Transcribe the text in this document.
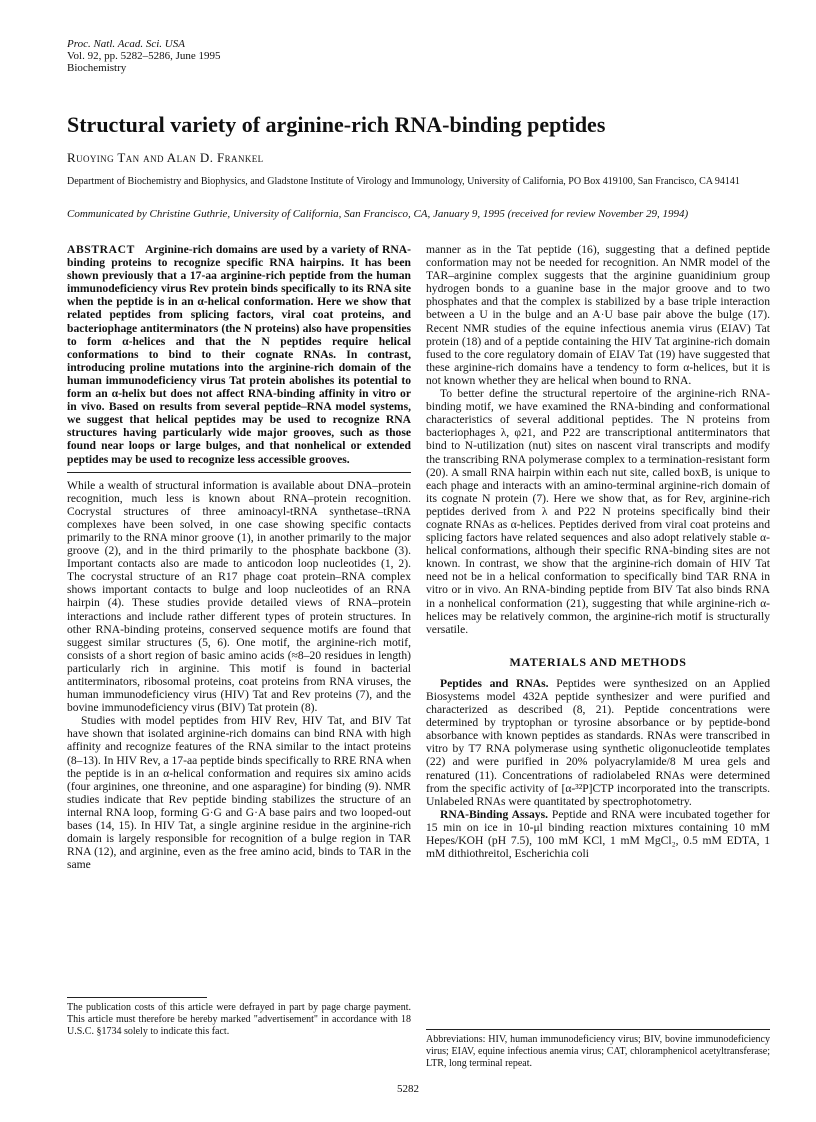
Proc. Natl. Acad. Sci. USA
Vol. 92, pp. 5282–5286, June 1995
Biochemistry
Structural variety of arginine-rich RNA-binding peptides
Ruoying Tan and Alan D. Frankel
Department of Biochemistry and Biophysics, and Gladstone Institute of Virology and Immunology, University of California, PO Box 419100, San Francisco, CA 94141
Communicated by Christine Guthrie, University of California, San Francisco, CA, January 9, 1995 (received for review November 29, 1994)

ABSTRACT Arginine-rich domains are used by a variety of RNA-binding proteins to recognize specific RNA hairpins. It has been shown previously that a 17-aa arginine-rich peptide from the human immunodeficiency virus Rev protein binds specifically to its RNA site when the peptide is in an α-helical conformation. Here we show that related peptides from splicing factors, viral coat proteins, and bacteriophage antiterminators (the N proteins) also have propensities to form α-helices and that the N peptides require helical conformations to bind to their cognate RNAs. In contrast, introducing proline mutations into the arginine-rich domain of the human immunodeficiency virus Tat protein abolishes its potential to form an α-helix but does not affect RNA-binding affinity in vitro or in vivo. Based on results from several peptide–RNA model systems, we suggest that helical peptides may be used to recognize RNA structures having particularly wide major grooves, such as those found near loops or large bulges, and that nonhelical or extended peptides may be used to recognize less accessible grooves.

While a wealth of structural information is available about DNA–protein recognition, much less is known about RNA–protein recognition. Cocrystal structures of three aminoacyl-tRNA synthetase–tRNA complexes have been solved, in one case showing specific contacts primarily to the RNA minor groove (1), in another primarily to the major groove (2), and in the third primarily to the phosphate backbone (3). Important contacts also are made to anticodon loop nucleotides (1, 2). The cocrystal structure of an R17 phage coat protein–RNA complex shows important contacts to bulge and loop nucleotides of an RNA hairpin (4). These studies provide detailed views of RNA–protein interactions and include rather different types of protein structures. In other RNA-binding proteins, conserved sequence motifs are found that suggest similar structures (5, 6). One motif, the arginine-rich motif, consists of a short region of basic amino acids (≈8–20 residues in length) particularly rich in arginine. This motif is found in bacterial antiterminators, ribosomal proteins, coat proteins from RNA viruses, the human immunodeficiency virus (HIV) Tat and Rev proteins (7), and the bovine immunodeficiency virus (BIV) Tat protein (8).

Studies with model peptides from HIV Rev, HIV Tat, and BIV Tat have shown that isolated arginine-rich domains can bind RNA with high affinity and recognize features of the RNA similar to the intact proteins (8–13). In HIV Rev, a 17-aa peptide binds specifically to RRE RNA when the peptide is in an α-helical conformation and requires six amino acids (four arginines, one threonine, and one asparagine) for binding (9). NMR studies indicate that Rev peptide binding stabilizes the structure of an internal RNA loop, forming G·G and G·A base pairs and two looped-out bases (14, 15). In HIV Tat, a single arginine residue in the arginine-rich domain is largely responsible for recognition of a bulge region in TAR RNA (12), and arginine, even as the free amino acid, binds to TAR in the same

manner as in the Tat peptide (16), suggesting that a defined peptide conformation may not be needed for recognition. An NMR model of the TAR–arginine complex suggests that the arginine guanidinium group hydrogen bonds to a guanine base in the major groove and to two phosphates and that the complex is stabilized by a base triple interaction between a U in the bulge and an A·U base pair above the bulge (17). Recent NMR studies of the equine infectious anemia virus (EIAV) Tat protein (18) and of a peptide containing the HIV Tat arginine-rich domain fused to the core regulatory domain of EIAV Tat (19) have suggested that these arginine-rich domains have a tendency to form α-helices, but it is not known whether they are helical when bound to RNA.

To better define the structural repertoire of the arginine-rich RNA-binding motif, we have examined the RNA-binding and conformational characteristics of several additional peptides. The N proteins from bacteriophages λ, φ21, and P22 are transcriptional antiterminators that bind to N-utilization (nut) sites on nascent viral transcripts and modify the transcribing RNA polymerase complex to a termination-resistant form (20). A small RNA hairpin within each nut site, called boxB, is unique to each phage and interacts with an amino-terminal arginine-rich domain of its cognate N protein (7). Here we show that, as for Rev, arginine-rich peptides derived from λ and P22 N proteins specifically bind their cognate RNAs as α-helices. Peptides derived from viral coat proteins and splicing factors have related sequences and also adopt relatively stable α-helical conformations, although their specific RNA-binding sites are not known. In contrast, we show that the arginine-rich domain of HIV Tat need not be in a helical conformation to specifically bind TAR RNA in vitro or in vivo. An RNA-binding peptide from BIV Tat also binds RNA in a nonhelical conformation (21), suggesting that while arginine-rich α-helices may be relatively common, the arginine-rich motif is structurally versatile.

MATERIALS AND METHODS

Peptides and RNAs. Peptides were synthesized on an Applied Biosystems model 432A peptide synthesizer and were purified and characterized as described (8, 21). Peptide concentrations were determined by tryptophan or tyrosine absorbance or by peptide-bond absorbance with known peptides as standards. RNAs were transcribed in vitro by T7 RNA polymerase using synthetic oligonucleotide templates (22) and were purified in 20% polyacrylamide/8 M urea gels and renatured (11). Concentrations of radiolabeled RNAs were determined from the specific activity of [α-³²P]CTP incorporated into the transcripts. Unlabeled RNAs were quantitated by spectrophotometry.

RNA-Binding Assays. Peptide and RNA were incubated together for 15 min on ice in 10-μl binding reaction mixtures containing 10 mM Hepes/KOH (pH 7.5), 100 mM KCl, 1 mM MgCl₂, 0.5 mM EDTA, 1 mM dithiothreitol, Escherichia coli

The publication costs of this article were defrayed in part by page charge payment. This article must therefore be hereby marked "advertisement" in accordance with 18 U.S.C. §1734 solely to indicate this fact.
Abbreviations: HIV, human immunodeficiency virus; BIV, bovine immunodeficiency virus; EIAV, equine infectious anemia virus; CAT, chloramphenicol acetyltransferase; LTR, long terminal repeat.
5282
